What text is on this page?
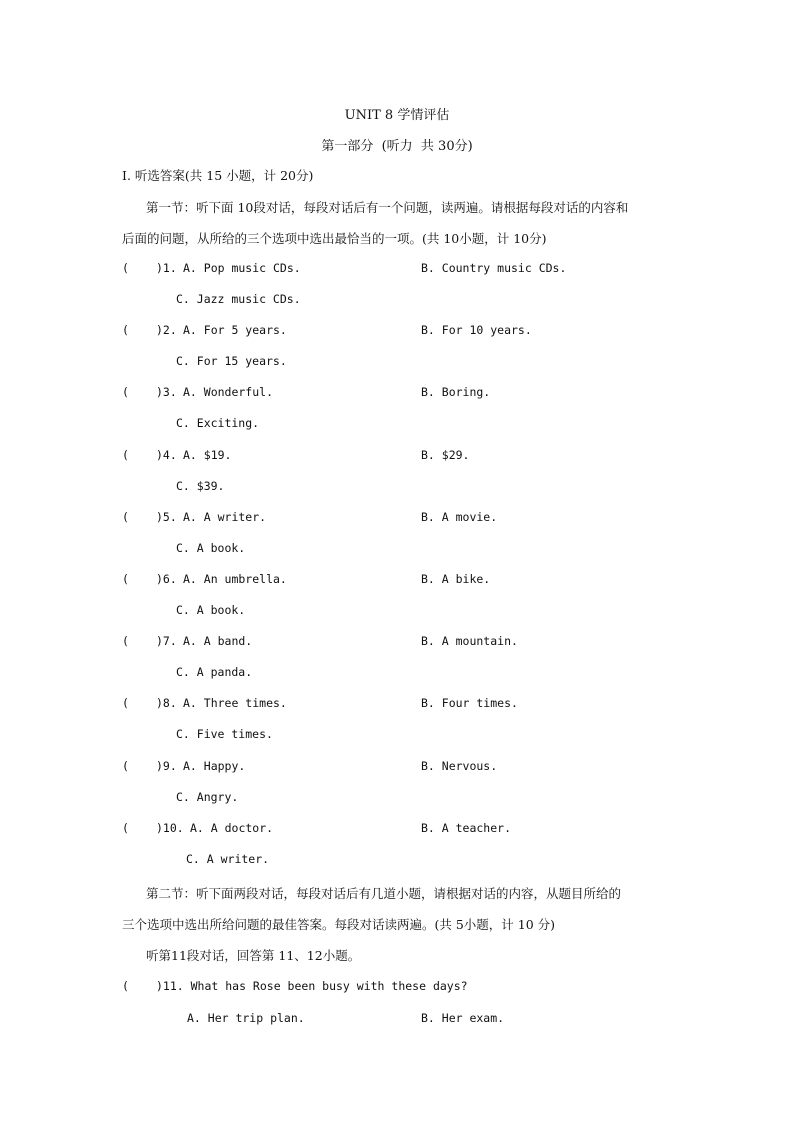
UNIT 8 学情评估
第一部分  (听力  共 30分)
Ⅰ. 听选答案(共 15 小题，计 20分)
第一节：听下面 10段对话，每段对话后有一个问题，读两遍。请根据每段对话的内容和
后面的问题，从所给的三个选项中选出最恰当的一项。(共 10小题，计 10分)
( )1. A. Pop music CDs.	B. Country music CDs.
C. Jazz music CDs.
( )2. A. For 5 years.	B. For 10 years.
C. For 15 years.
( )3. A. Wonderful.	B. Boring.
C. Exciting.
( )4. A. $19.	B. $29.
C. $39.
( )5. A. A writer.	B. A movie.
C. A book.
( )6. A. An umbrella.	B. A bike.
C. A book.
( )7. A. A band.	B. A mountain.
C. A panda.
( )8. A. Three times.	B. Four times.
C. Five times.
( )9. A. Happy.	B. Nervous.
C. Angry.
( )10. A. A doctor.	B. A teacher.
C. A writer.
第二节：听下面两段对话，每段对话后有几道小题，请根据对话的内容，从题目所给的
三个选项中选出所给问题的最佳答案。每段对话读两遍。(共 5小题，计 10 分)
听第11段对话，回答第 11、12小题。
( )11. What has Rose been busy with these days?
A. Her trip plan.	B. Her exam.
